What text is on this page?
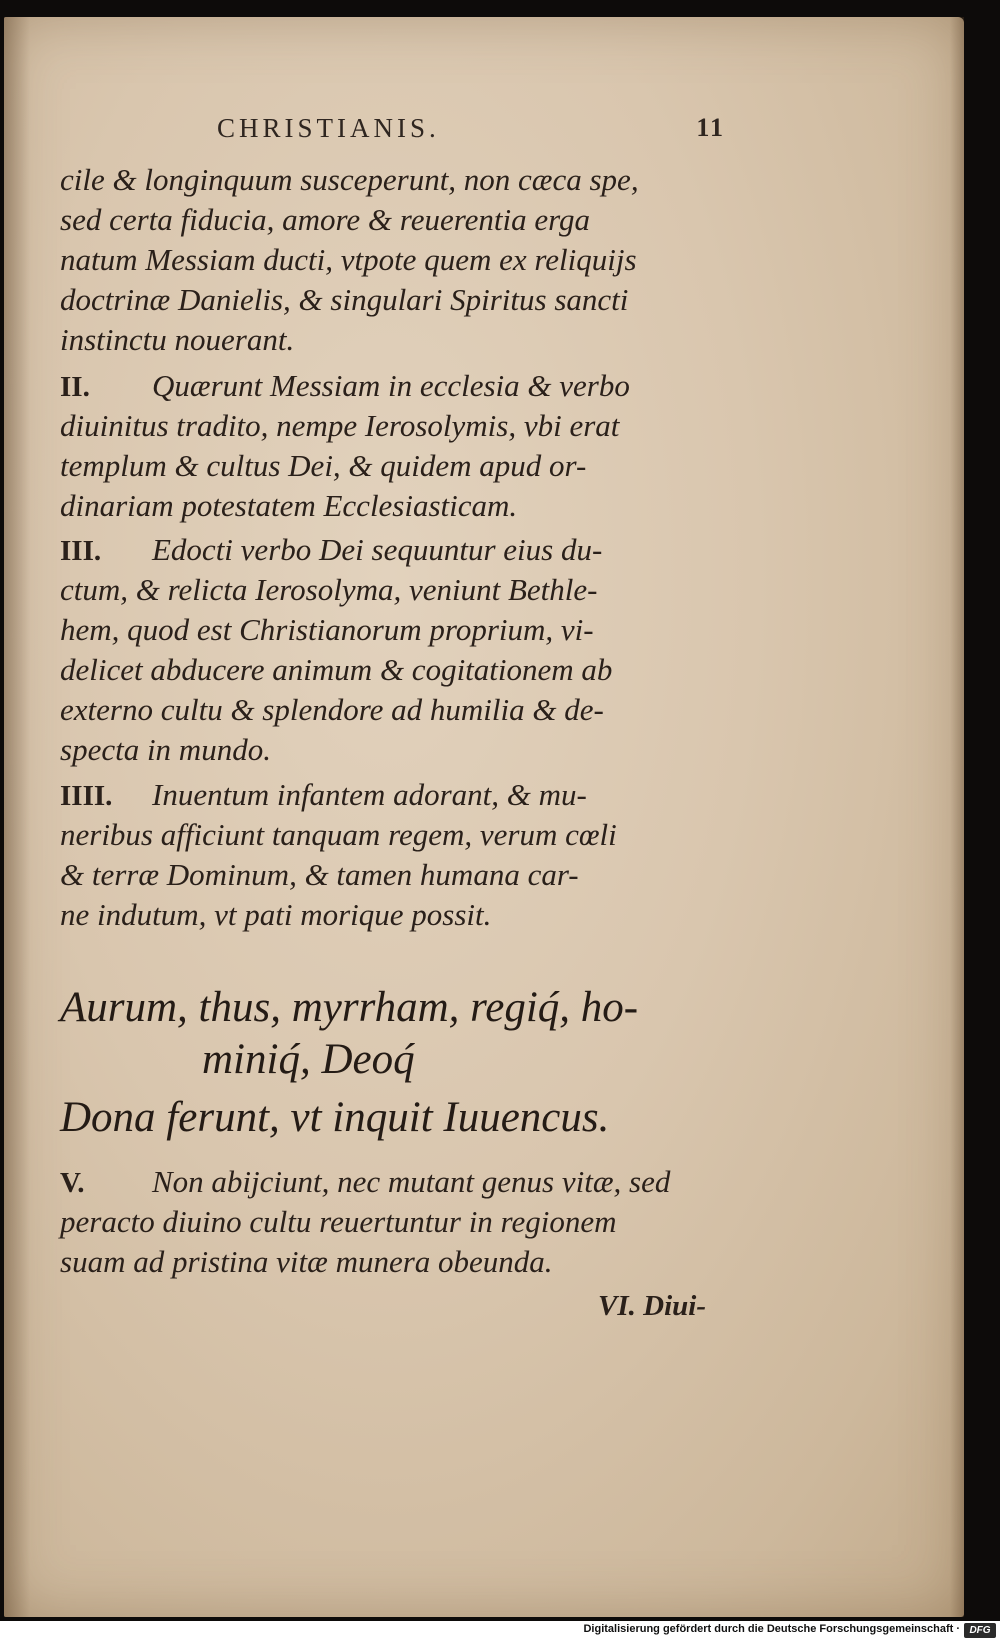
CHRISTIANIS.	11
cile & longinquum susceperunt, non cæca spe,
sed certa fiducia, amore & reuerentia erga
natum Messiam ducti, vtpote quem ex reliquijs
doctrinæ Danielis, & singulari Spiritus sancti
instinctu nouerant.
II. Quærunt Messiam in ecclesia & verbo
diuinitus tradito, nempe Ierosolymis, vbi erat
templum & cultus Dei, & quidem apud or-
dinariam potestatem Ecclesiasticam.
III. Edocti verbo Dei sequuntur eius du-
ctum, & relicta Ierosolyma, veniunt Bethle-
hem, quod est Christianorum proprium, vi-
delicet abducere animum & cogitationem ab
externo cultu & splendore ad humilia & de-
specta in mundo.
IIII. Inuentum infantem adorant, & mu-
neribus afficiunt tanquam regem, verum cœli
& terræ Dominum, & tamen humana car-
ne indutum, vt pati morique possit.
Aurum, thus, myrrham, regiq́, ho-
miniq́, Deoq́
Dona ferunt, vt inquit Iuuencus.
V. Non abijciunt, nec mutant genus vitæ, sed
peracto diuino cultu reuertuntur in regionem
suam ad pristina vitæ munera obeunda.
VI. Diui-
Digitalisierung gefördert durch die Deutsche Forschungsgemeinschaft · DFG
